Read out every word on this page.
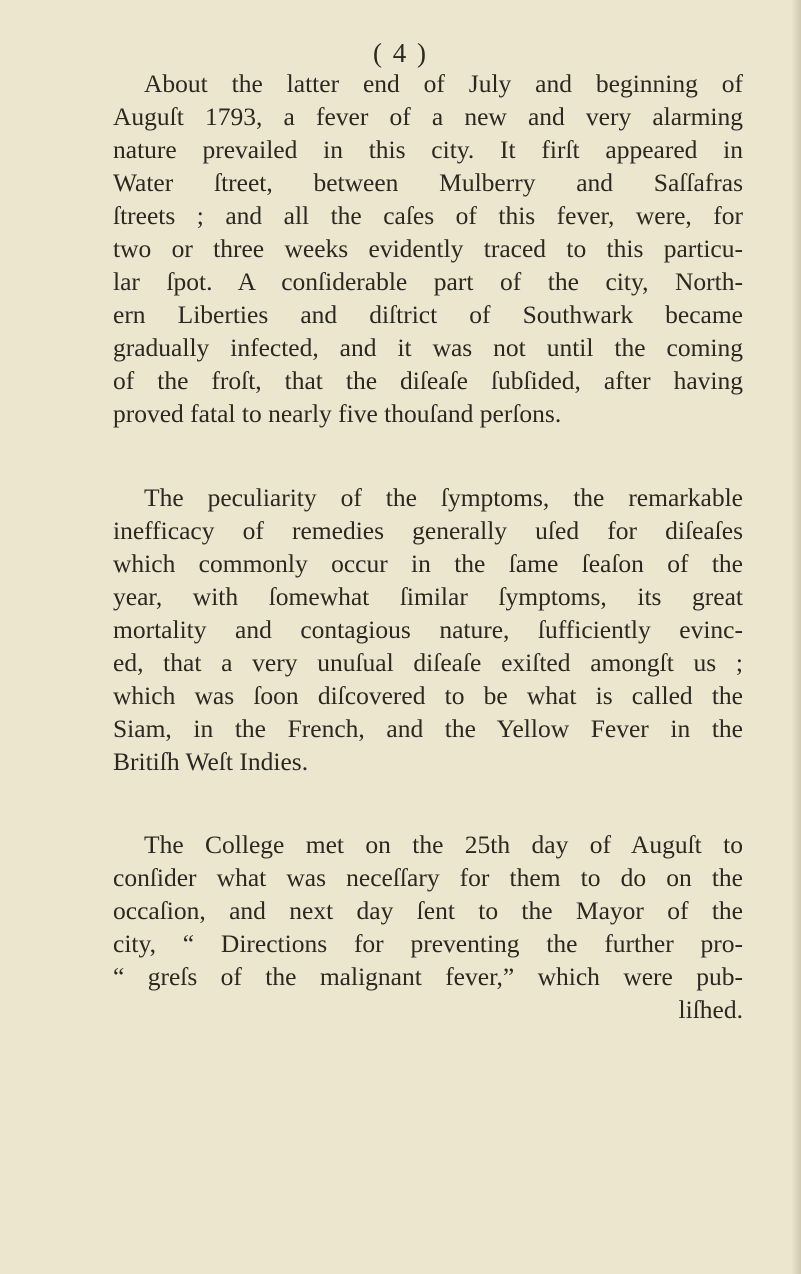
( 4 )
About the latter end of July and beginning of
Auguſt 1793, a fever of a new and very alarming
nature prevailed in this city. It firſt appeared in
Water ſtreet, between Mulberry and Saſſafras
ſtreets ; and all the caſes of this fever, were, for
two or three weeks evidently traced to this particu-
lar ſpot. A conſiderable part of the city, North-
ern Liberties and diſtrict of Southwark became
gradually infected, and it was not until the coming
of the froſt, that the diſeaſe ſubſided, after having
proved fatal to nearly five thouſand perſons.
The peculiarity of the ſymptoms, the remarkable
inefficacy of remedies generally uſed for diſeaſes
which commonly occur in the ſame ſeaſon of the
year, with ſomewhat ſimilar ſymptoms, its great
mortality and contagious nature, ſufficiently evinc-
ed, that a very unuſual diſeaſe exiſted amongſt us ;
which was ſoon diſcovered to be what is called the
Siam, in the French, and the Yellow Fever in the
Britiſh Weſt Indies.
The College met on the 25th day of Auguſt to
conſider what was neceſſary for them to do on the
occaſion, and next day ſent to the Mayor of the
city, “ Directions for preventing the further pro-
“ greſs of the malignant fever,” which were pub-
liſhed.
